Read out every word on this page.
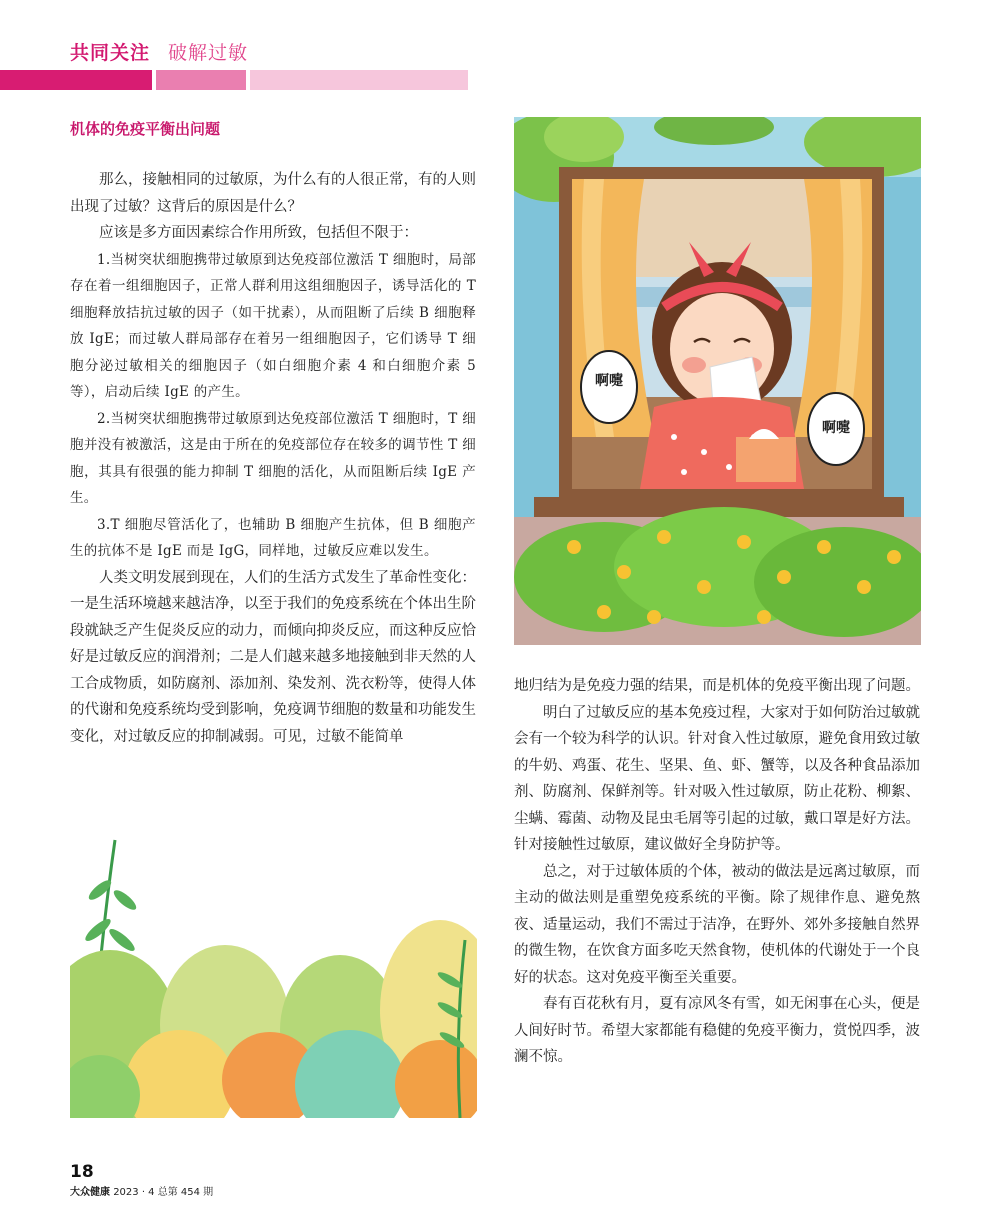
共同关注 破解过敏
机体的免疫平衡出问题

那么，接触相同的过敏原，为什么有的人很正常，有的人则出现了过敏？这背后的原因是什么？

应该是多方面因素综合作用所致，包括但不限于：

1.当树突状细胞携带过敏原到达免疫部位激活 T 细胞时，局部存在着一组细胞因子，正常人群利用这组细胞因子，诱导活化的 T 细胞释放拮抗过敏的因子（如干扰素），从而阻断了后续 B 细胞释放 IgE；而过敏人群局部存在着另一组细胞因子，它们诱导 T 细胞分泌过敏相关的细胞因子（如白细胞介素 4 和白细胞介素 5 等），启动后续 IgE 的产生。

2.当树突状细胞携带过敏原到达免疫部位激活 T 细胞时，T 细胞并没有被激活，这是由于所在的免疫部位存在较多的调节性 T 细胞，其具有很强的能力抑制 T 细胞的活化，从而阻断后续 IgE 产生。

3.T 细胞尽管活化了，也辅助 B 细胞产生抗体，但 B 细胞产生的抗体不是 IgE 而是 IgG，同样地，过敏反应难以发生。

人类文明发展到现在，人们的生活方式发生了革命性变化：一是生活环境越来越洁净，以至于我们的免疫系统在个体出生阶段就缺乏产生促炎反应的动力，而倾向抑炎反应，而这种反应恰好是过敏反应的润滑剂；二是人们越来越多地接触到非天然的人工合成物质，如防腐剂、添加剂、染发剂、洗衣粉等，使得人体的代谢和免疫系统均受到影响，免疫调节细胞的数量和功能发生变化，对过敏反应的抑制减弱。可见，过敏不能简单

地归结为是免疫力强的结果，而是机体的免疫平衡出现了问题。

明白了过敏反应的基本免疫过程，大家对于如何防治过敏就会有一个较为科学的认识。针对食入性过敏原，避免食用致过敏的牛奶、鸡蛋、花生、坚果、鱼、虾、蟹等，以及各种食品添加剂、防腐剂、保鲜剂等。针对吸入性过敏原，防止花粉、柳絮、尘螨、霉菌、动物及昆虫毛屑等引起的过敏，戴口罩是好方法。针对接触性过敏原，建议做好全身防护等。

总之，对于过敏体质的个体，被动的做法是远离过敏原，而主动的做法则是重塑免疫系统的平衡。除了规律作息、避免熬夜、适量运动，我们不需过于洁净，在野外、郊外多接触自然界的微生物，在饮食方面多吃天然食物，使机体的代谢处于一个良好的状态。这对免疫平衡至关重要。

春有百花秋有月，夏有凉风冬有雪，如无闲事在心头，便是人间好时节。希望大家都能有稳健的免疫平衡力，赏悦四季，波澜不惊。

啊嚏
啊嚏
18
大众健康 2023 · 4 总第 454 期
